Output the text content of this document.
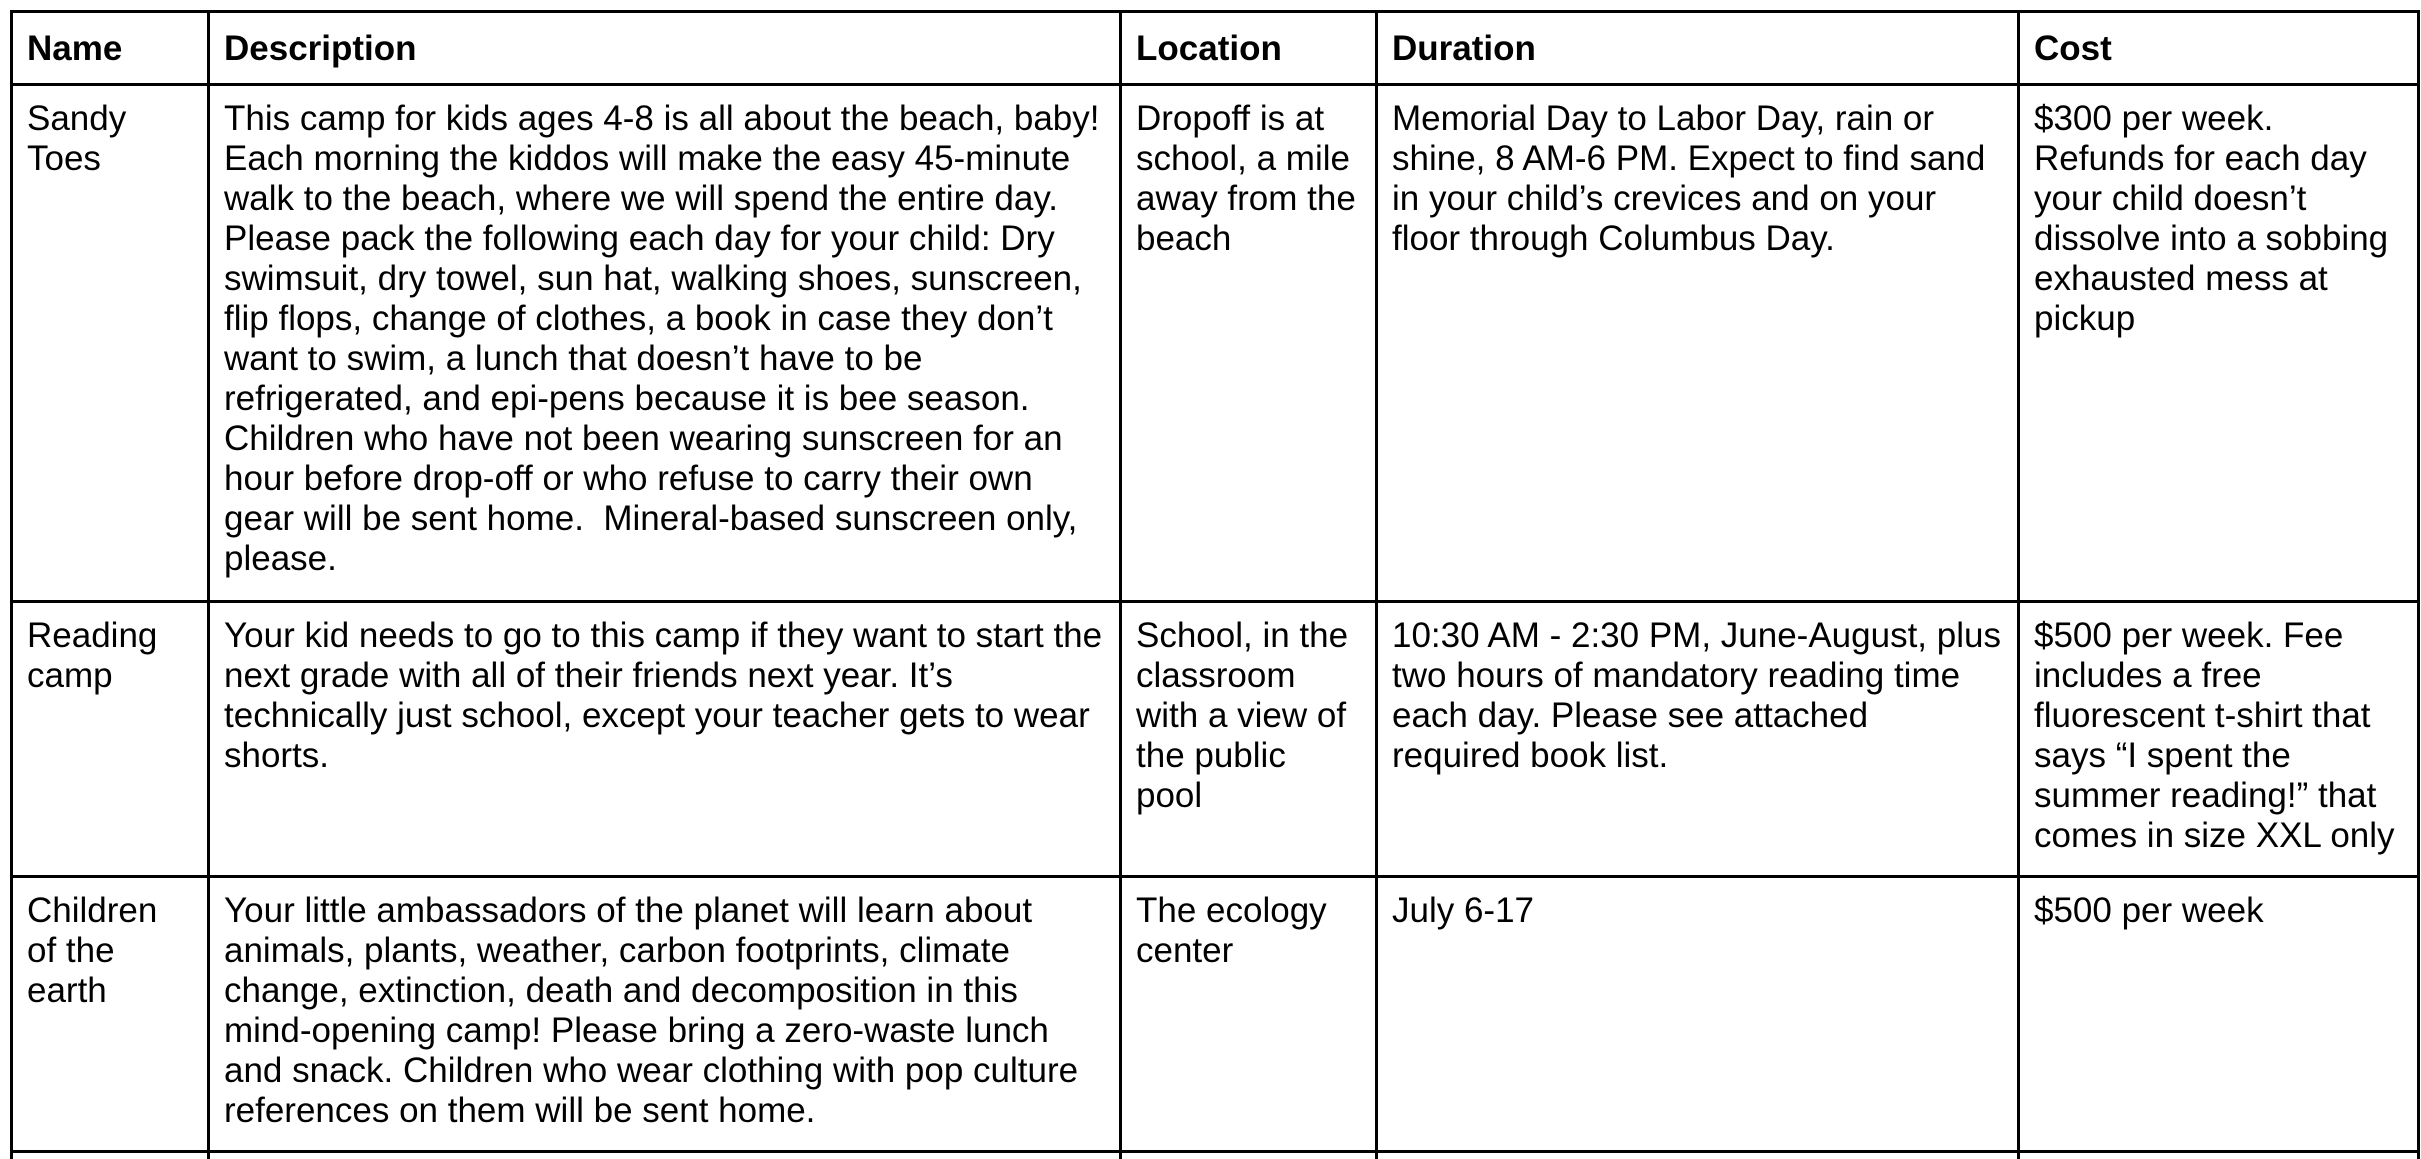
Name	Description	Location	Duration	Cost
Sandy Toes	This camp for kids ages 4-8 is all about the beach, baby! Each morning the kiddos will make the easy 45-minute walk to the beach, where we will spend the entire day. Please pack the following each day for your child: Dry swimsuit, dry towel, sun hat, walking shoes, sunscreen, flip flops, change of clothes, a book in case they don’t want to swim, a lunch that doesn’t have to be refrigerated, and epi-pens because it is bee season. Children who have not been wearing sunscreen for an hour before drop-off or who refuse to carry their own gear will be sent home.  Mineral-based sunscreen only, please.	Dropoff is at school, a mile away from the beach	Memorial Day to Labor Day, rain or shine, 8 AM-6 PM. Expect to find sand in your child’s crevices and on your floor through Columbus Day.	$300 per week. Refunds for each day your child doesn’t dissolve into a sobbing exhausted mess at pickup
Reading camp	Your kid needs to go to this camp if they want to start the next grade with all of their friends next year. It’s technically just school, except your teacher gets to wear shorts.	School, in the classroom with a view of the public pool	10:30 AM - 2:30 PM, June-August, plus two hours of mandatory reading time each day. Please see attached required book list.	$500 per week. Fee includes a free fluorescent t-shirt that says “I spent the summer reading!” that comes in size XXL only
Children of the earth	Your little ambassadors of the planet will learn about animals, plants, weather, carbon footprints, climate change, extinction, death and decomposition in this mind-opening camp! Please bring a zero-waste lunch and snack. Children who wear clothing with pop culture references on them will be sent home.	The ecology center	July 6-17	$500 per week
